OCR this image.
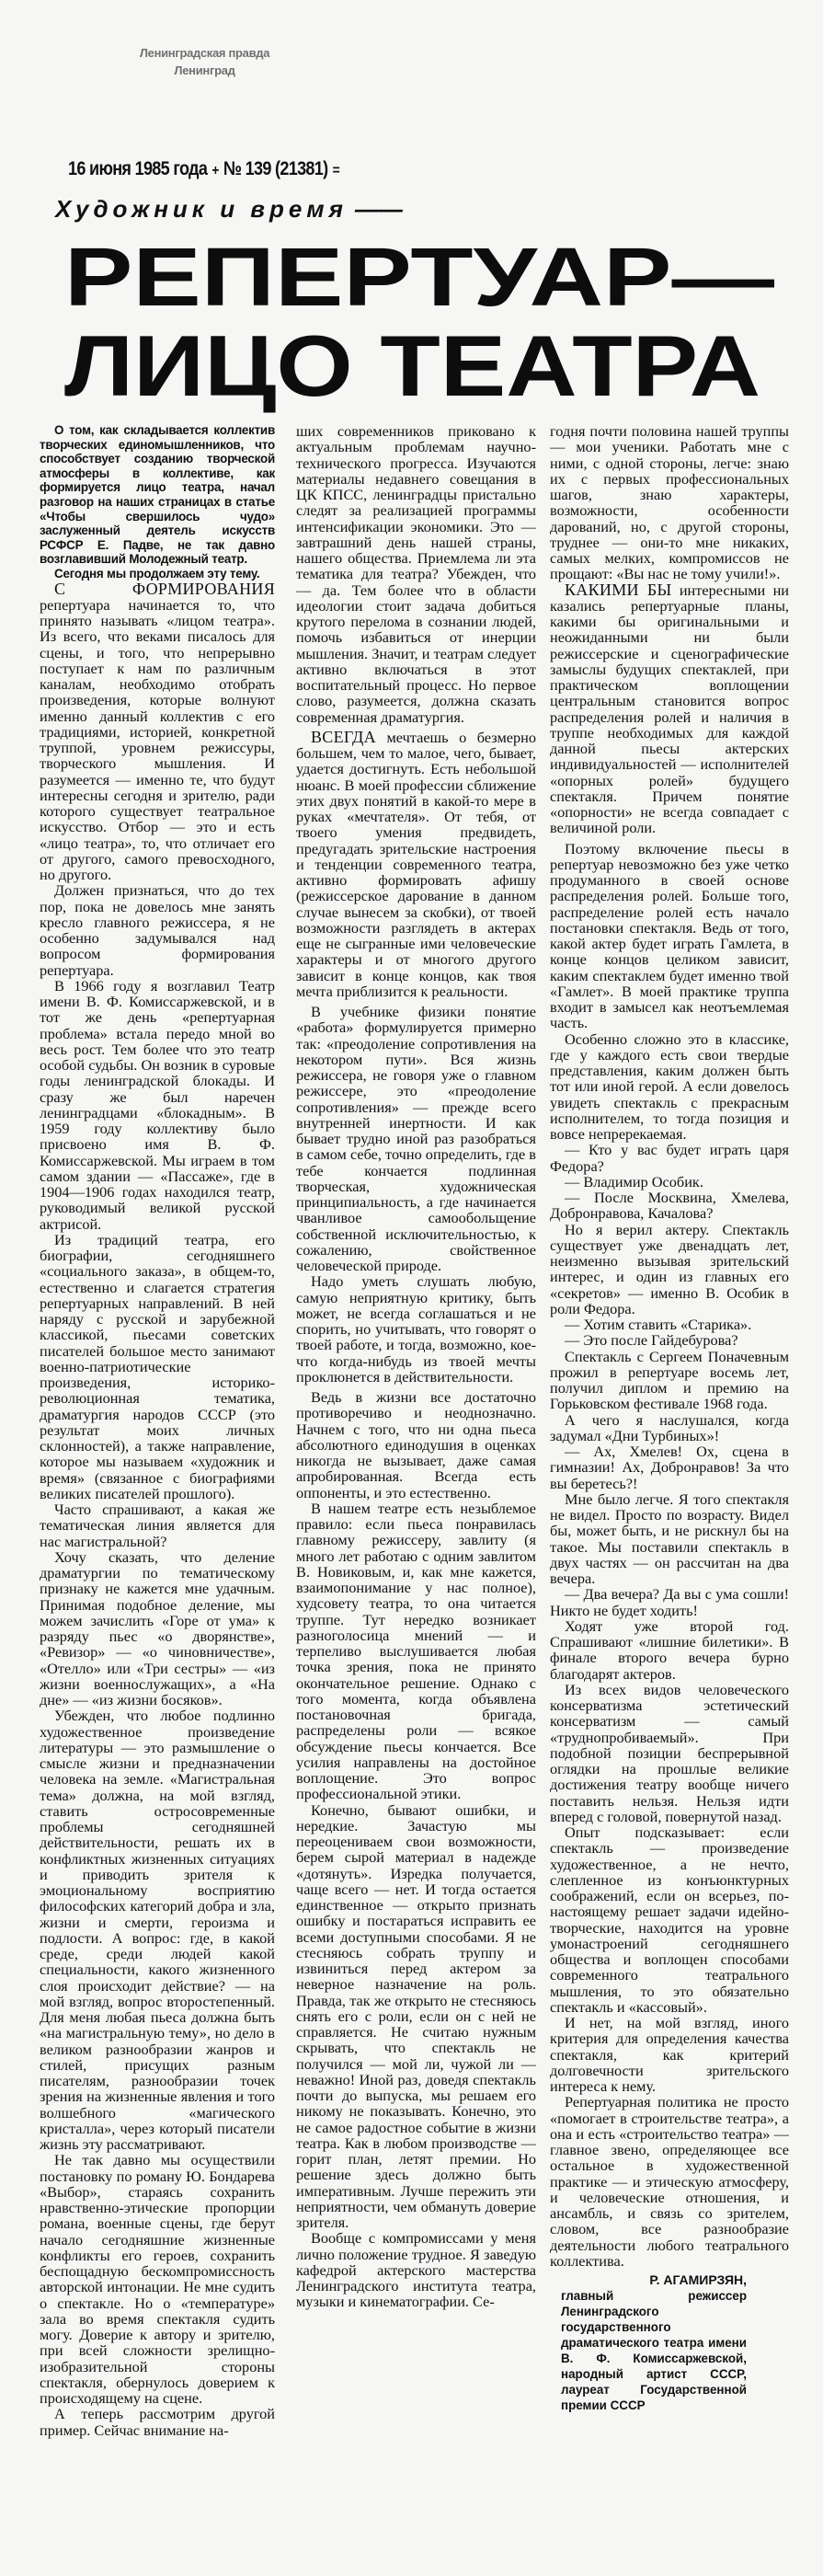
Ленинградская правда
Ленинград
16 июня 1985 года + № 139 (21381) =
Художник и время ——
РЕПЕРТУАР—
ЛИЦО ТЕАТРА

О том, как складывается коллектив творческих единомышленников, что способствует созданию творческой атмосферы в коллективе, как формируется лицо театра, начал разговор на наших страницах в статье «Чтобы свершилось чудо» заслуженный деятель искусств РСФСР Е. Падве, не так давно возглавивший Молодежный театр.

Сегодня мы продолжаем эту тему.

С ФОРМИРОВАНИЯ репертуара начинается то, что принято называть «лицом театра». Из всего, что веками писалось для сцены, и того, что непрерывно поступает к нам по различным каналам, необходимо отобрать произведения, которые волнуют именно данный коллектив с его традициями, историей, конкретной труппой, уровнем режиссуры, творческого мышления. И разумеется — именно те, что будут интересны сегодня и зрителю, ради которого существует театральное искусство. Отбор — это и есть «лицо театра», то, что отличает его от другого, самого превосходного, но другого.

Должен признаться, что до тех пор, пока не довелось мне занять кресло главного режиссера, я не особенно задумывался над вопросом формирования репертуара.

В 1966 году я возглавил Театр имени В. Ф. Комиссаржевской, и в тот же день «репертуарная проблема» встала передо мной во весь рост. Тем более что это театр особой судьбы. Он возник в суровые годы ленинградской блокады. И сразу же был наречен ленинградцами «блокадным». В 1959 году коллективу было присвоено имя В. Ф. Комиссаржевской. Мы играем в том самом здании — «Пассаже», где в 1904—1906 годах находился театр, руководимый великой русской актрисой.

Из традиций театра, его биографии, сегодняшнего «социального заказа», в общем-то, естественно и слагается стратегия репертуарных направлений. В ней наряду с русской и зарубежной классикой, пьесами советских писателей большое место занимают военно-патриотические произведения, историко-революционная тематика, драматургия народов СССР (это результат моих личных склонностей), а также направление, которое мы называем «художник и время» (связанное с биографиями великих писателей прошлого).

Часто спрашивают, а какая же тематическая линия является для нас магистральной?

Хочу сказать, что деление драматургии по тематическому признаку не кажется мне удачным. Принимая подобное деление, мы можем зачислить «Горе от ума» к разряду пьес «о дворянстве», «Ревизор» — «о чиновничестве», «Отелло» или «Три сестры» — «из жизни военнослужащих», а «На дне» — «из жизни босяков».

Убежден, что любое подлинно художественное произведение литературы — это размышление о смысле жизни и предназначении человека на земле. «Магистральная тема» должна, на мой взгляд, ставить остросовременные проблемы сегодняшней действительности, решать их в конфликтных жизненных ситуациях и приводить зрителя к эмоциональному восприятию философских категорий добра и зла, жизни и смерти, героизма и подлости. А вопрос: где, в какой среде, среди людей какой специальности, какого жизненного слоя происходит действие? — на мой взгляд, вопрос второстепенный. Для меня любая пьеса должна быть «на магистральную тему», но дело в великом разнообразии жанров и стилей, присущих разным писателям, разнообразии точек зрения на жизненные явления и того волшебного «магического кристалла», через который писатели жизнь эту рассматривают.

Не так давно мы осуществили постановку по роману Ю. Бондарева «Выбор», стараясь сохранить нравственно-этические пропорции романа, военные сцены, где берут начало сегодняшние жизненные конфликты его героев, сохранить беспощадную бескомпромиссность авторской интонации. Не мне судить о спектакле. Но о «температуре» зала во время спектакля судить могу. Доверие к автору и зрителю, при всей сложности зрелищно-изобразительной стороны спектакля, обернулось доверием к происходящему на сцене.

А теперь рассмотрим другой пример. Сейчас внимание на-

ших современников приковано к актуальным проблемам научно-технического прогресса. Изучаются материалы недавнего совещания в ЦК КПСС, ленинградцы пристально следят за реализацией программы интенсификации экономики. Это — завтрашний день нашей страны, нашего общества. Приемлема ли эта тематика для театра? Убежден, что — да. Тем более что в области идеологии стоит задача добиться крутого перелома в сознании людей, помочь избавиться от инерции мышления. Значит, и театрам следует активно включаться в этот воспитательный процесс. Но первое слово, разумеется, должна сказать современная драматургия.

ВСЕГДА мечтаешь о безмерно большем, чем то малое, чего, бывает, удается достигнуть. Есть небольшой нюанс. В моей профессии сближение этих двух понятий в какой-то мере в руках «мечтателя». От тебя, от твоего умения предвидеть, предугадать зрительские настроения и тенденции современного театра, активно формировать афишу (режиссерское дарование в данном случае вынесем за скобки), от твоей возможности разглядеть в актерах еще не сыгранные ими человеческие характеры и от многого другого зависит в конце концов, как твоя мечта приблизится к реальности.

В учебнике физики понятие «работа» формулируется примерно так: «преодоление сопротивления на некотором пути». Вся жизнь режиссера, не говоря уже о главном режиссере, это «преодоление сопротивления» — прежде всего внутренней инертности. И как бывает трудно иной раз разобраться в самом себе, точно определить, где в тебе кончается подлинная творческая, художническая принципиальность, а где начинается чванливое самообольщение собственной исключительностью, к сожалению, свойственное человеческой природе.

Надо уметь слушать любую, самую неприятную критику, быть может, не всегда соглашаться и не спорить, но учитывать, что говорят о твоей работе, и тогда, возможно, кое-что когда-нибудь из твоей мечты проклюнется в действительности.

Ведь в жизни все достаточно противоречиво и неоднозначно. Начнем с того, что ни одна пьеса абсолютного единодушия в оценках никогда не вызывает, даже самая апробированная. Всегда есть оппоненты, и это естественно.

В нашем театре есть незыблемое правило: если пьеса понравилась главному режиссеру, завлиту (я много лет работаю с одним завлитом В. Новиковым, и, как мне кажется, взаимопонимание у нас полное), худсовету театра, то она читается труппе. Тут нередко возникает разноголосица мнений — и терпеливо выслушивается любая точка зрения, пока не принято окончательное решение. Однако с того момента, когда объявлена постановочная бригада, распределены роли — всякое обсуждение пьесы кончается. Все усилия направлены на достойное воплощение. Это вопрос профессиональной этики.

Конечно, бывают ошибки, и нередкие. Зачастую мы переоцениваем свои возможности, берем сырой материал в надежде «дотянуть». Изредка получается, чаще всего — нет. И тогда остается единственное — открыто признать ошибку и постараться исправить ее всеми доступными способами. Я не стесняюсь собрать труппу и извиниться перед актером за неверное назначение на роль. Правда, так же открыто не стесняюсь снять его с роли, если он с ней не справляется. Не считаю нужным скрывать, что спектакль не получился — мой ли, чужой ли — неважно! Иной раз, доведя спектакль почти до выпуска, мы решаем его никому не показывать. Конечно, это не самое радостное событие в жизни театра. Как в любом производстве — горит план, летят премии. Но решение здесь должно быть императивным. Лучше пережить эти неприятности, чем обмануть доверие зрителя.

Вообще с компромиссами у меня лично положение трудное. Я заведую кафедрой актерского мастерства Ленинградского института театра, музыки и кинематографии. Се-

годня почти половина нашей труппы — мои ученики. Работать мне с ними, с одной стороны, легче: знаю их с первых профессиональных шагов, знаю характеры, возможности, особенности дарований, но, с другой стороны, труднее — они-то мне никаких, самых мелких, компромиссов не прощают: «Вы нас не тому учили!».

КАКИМИ БЫ интересными ни казались репертуарные планы, какими бы оригинальными и неожиданными ни были режиссерские и сценографические замыслы будущих спектаклей, при практическом воплощении центральным становится вопрос распределения ролей и наличия в труппе необходимых для каждой данной пьесы актерских индивидуальностей — исполнителей «опорных ролей» будущего спектакля. Причем понятие «опорности» не всегда совпадает с величиной роли.

Поэтому включение пьесы в репертуар невозможно без уже четко продуманного в своей основе распределения ролей. Больше того, распределение ролей есть начало постановки спектакля. Ведь от того, какой актер будет играть Гамлета, в конце концов целиком зависит, каким спектаклем будет именно твой «Гамлет». В моей практике труппа входит в замысел как неотъемлемая часть.

Особенно сложно это в классике, где у каждого есть свои твердые представления, каким должен быть тот или иной герой. А если довелось увидеть спектакль с прекрасным исполнителем, то тогда позиция и вовсе непререкаемая.

— Кто у вас будет играть царя Федора?

— Владимир Особик.

— После Москвина, Хмелева, Добронравова, Качалова?

Но я верил актеру. Спектакль существует уже двенадцать лет, неизменно вызывая зрительский интерес, и один из главных его «секретов» — именно В. Особик в роли Федора.

— Хотим ставить «Старика».

— Это после Гайдебурова?

Спектакль с Сергеем Поначевным прожил в репертуаре восемь лет, получил диплом и премию на Горьковском фестивале 1968 года.

А чего я наслушался, когда задумал «Дни Турбиных»!

— Ах, Хмелев! Ох, сцена в гимназии! Ах, Добронравов! За что вы беретесь?!

Мне было легче. Я того спектакля не видел. Просто по возрасту. Видел бы, может быть, и не рискнул бы на такое. Мы поставили спектакль в двух частях — он рассчитан на два вечера.

— Два вечера? Да вы с ума сошли! Никто не будет ходить!

Ходят уже второй год. Спрашивают «лишние билетики». В финале второго вечера бурно благодарят актеров.

Из всех видов человеческого консерватизма эстетический консерватизм — самый «труднопробиваемый». При подобной позиции беспрерывной оглядки на прошлые великие достижения театру вообще ничего поставить нельзя. Нельзя идти вперед с головой, повернутой назад.

Опыт подсказывает: если спектакль — произведение художественное, а не нечто, слепленное из конъюнктурных соображений, если он всерьез, по-настоящему решает задачи идейно-творческие, находится на уровне умонастроений сегодняшнего общества и воплощен способами современного театрального мышления, то это обязательно спектакль и «кассовый».

И нет, на мой взгляд, иного критерия для определения качества спектакля, как критерий долговечности зрительского интереса к нему.

Репертуарная политика не просто «помогает в строительстве театра», а она и есть «строительство театра» — главное звено, определяющее все остальное в художественной практике — и этическую атмосферу, и человеческие отношения, и ансамбль, и связь со зрителем, словом, все разнообразие деятельности любого театрального коллектива.

Р. АГАМИРЗЯН,
главный режиссер Ленинградского государственного драматического театра имени В. Ф. Комиссаржевской, народный артист СССР, лауреат Государственной премии СССР
